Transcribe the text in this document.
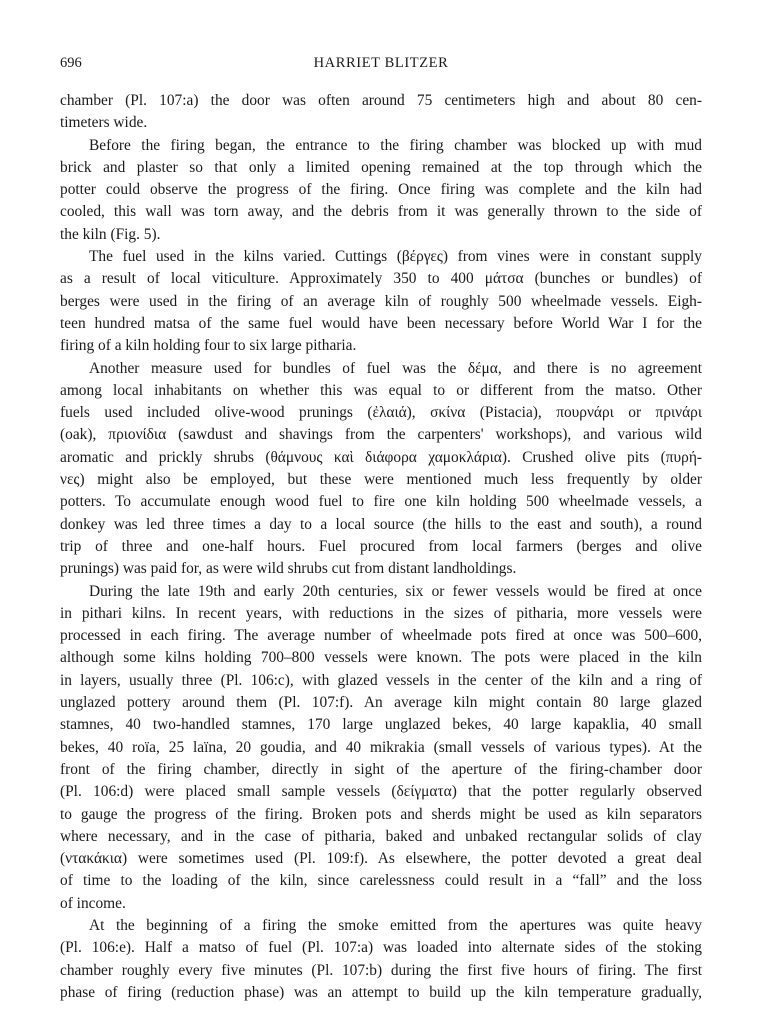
696	HARRIET BLITZER
chamber (Pl. 107:a) the door was often around 75 centimeters high and about 80 cen-
timeters wide.
Before the firing began, the entrance to the firing chamber was blocked up with mud
brick and plaster so that only a limited opening remained at the top through which the
potter could observe the progress of the firing. Once firing was complete and the kiln had
cooled, this wall was torn away, and the debris from it was generally thrown to the side of
the kiln (Fig. 5).
The fuel used in the kilns varied. Cuttings (βέργες) from vines were in constant supply
as a result of local viticulture. Approximately 350 to 400 μάτσα (bunches or bundles) of
berges were used in the firing of an average kiln of roughly 500 wheelmade vessels. Eigh-
teen hundred matsa of the same fuel would have been necessary before World War I for the
firing of a kiln holding four to six large pitharia.
Another measure used for bundles of fuel was the δέμα, and there is no agreement
among local inhabitants on whether this was equal to or different from the matso. Other
fuels used included olive-wood prunings (ἐλαιά), σκίνα (Pistacia), πουρνάρι or πρινάρι
(oak), πριονίδια (sawdust and shavings from the carpenters' workshops), and various wild
aromatic and prickly shrubs (θάμνους καὶ διάφορα χαμοκλάρια). Crushed olive pits (πυρή-
νες) might also be employed, but these were mentioned much less frequently by older
potters. To accumulate enough wood fuel to fire one kiln holding 500 wheelmade vessels, a
donkey was led three times a day to a local source (the hills to the east and south), a round
trip of three and one-half hours. Fuel procured from local farmers (berges and olive
prunings) was paid for, as were wild shrubs cut from distant landholdings.
During the late 19th and early 20th centuries, six or fewer vessels would be fired at once
in pithari kilns. In recent years, with reductions in the sizes of pitharia, more vessels were
processed in each firing. The average number of wheelmade pots fired at once was 500–600,
although some kilns holding 700–800 vessels were known. The pots were placed in the kiln
in layers, usually three (Pl. 106:c), with glazed vessels in the center of the kiln and a ring of
unglazed pottery around them (Pl. 107:f). An average kiln might contain 80 large glazed
stamnes, 40 two-handled stamnes, 170 large unglazed bekes, 40 large kapaklia, 40 small
bekes, 40 roïa, 25 laïna, 20 goudia, and 40 mikrakia (small vessels of various types). At the
front of the firing chamber, directly in sight of the aperture of the firing-chamber door
(Pl. 106:d) were placed small sample vessels (δείγματα) that the potter regularly observed
to gauge the progress of the firing. Broken pots and sherds might be used as kiln separators
where necessary, and in the case of pitharia, baked and unbaked rectangular solids of clay
(ντακάκια) were sometimes used (Pl. 109:f). As elsewhere, the potter devoted a great deal
of time to the loading of the kiln, since carelessness could result in a “fall” and the loss
of income.
At the beginning of a firing the smoke emitted from the apertures was quite heavy
(Pl. 106:e). Half a matso of fuel (Pl. 107:a) was loaded into alternate sides of the stoking
chamber roughly every five minutes (Pl. 107:b) during the first five hours of firing. The first
phase of firing (reduction phase) was an attempt to build up the kiln temperature gradually,
